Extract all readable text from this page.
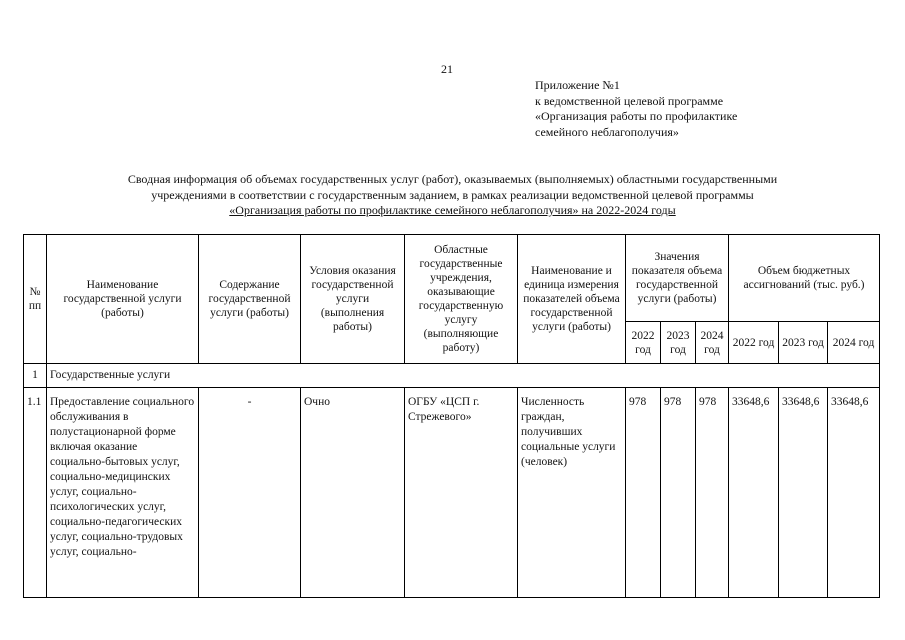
21
Приложение №1
к ведомственной целевой программе
«Организация работы по профилактике
семейного неблагополучия»
Сводная информация об объемах государственных услуг (работ), оказываемых (выполняемых) областными государственными
учреждениями в соответствии с государственным заданием, в рамках реализации ведомственной целевой программы
«Организация работы по профилактике семейного неблагополучия» на 2022-2024 годы
№ пп	Наименование государственной услуги (работы)	Содержание государственной услуги (работы)	Условия оказания государственной услуги (выполнения работы)	Областные государственные учреждения, оказывающие государственную услугу (выполняющие работу)	Наименование и единица измерения показателей объема государственной услуги (работы)	Значения показателя объема государственной услуги (работы)			Объем бюджетных ассигнований (тыс. руб.)		
						2022 год	2023 год	2024 год	2022 год	2023 год	2024 год
1	Государственные услуги										
1.1	Предоставление социального обслуживания в полустационарной форме включая оказание социально-бытовых услуг, социально-медицинских услуг, социально-психологических услуг, социально-педагогических услуг, социально-трудовых услуг, социально-	-	Очно	ОГБУ «ЦСП г. Стрежевого»	Численность граждан, получивших социальные услуги (человек)	978	978	978	33648,6	33648,6	33648,6
